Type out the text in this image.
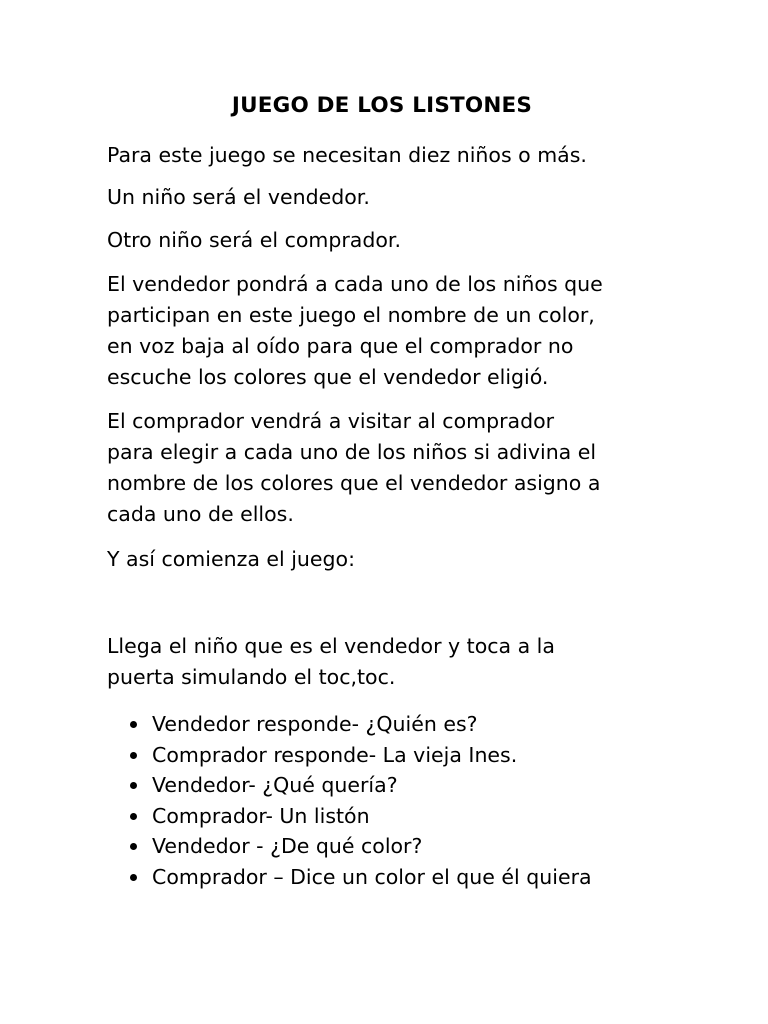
JUEGO DE LOS LISTONES

Para este juego se necesitan diez niños o más.

Un niño será el vendedor.

Otro niño será el comprador.

El vendedor pondrá a cada uno de los niños que
participan en este juego el nombre de un color,
en voz baja al oído para que el comprador no
escuche los colores que el vendedor eligió.

El comprador vendrá a visitar al comprador
para elegir a cada uno de los niños si adivina el
nombre de los colores que el vendedor asigno a
cada uno de ellos.

Y así comienza el juego:

Llega el niño que es el vendedor y toca a la
puerta simulando el toc,toc.

Vendedor responde- ¿Quién es?
Comprador responde- La vieja Ines.
Vendedor- ¿Qué quería?
Comprador- Un listón
Vendedor - ¿De qué color?
Comprador – Dice un color el que él quiera
